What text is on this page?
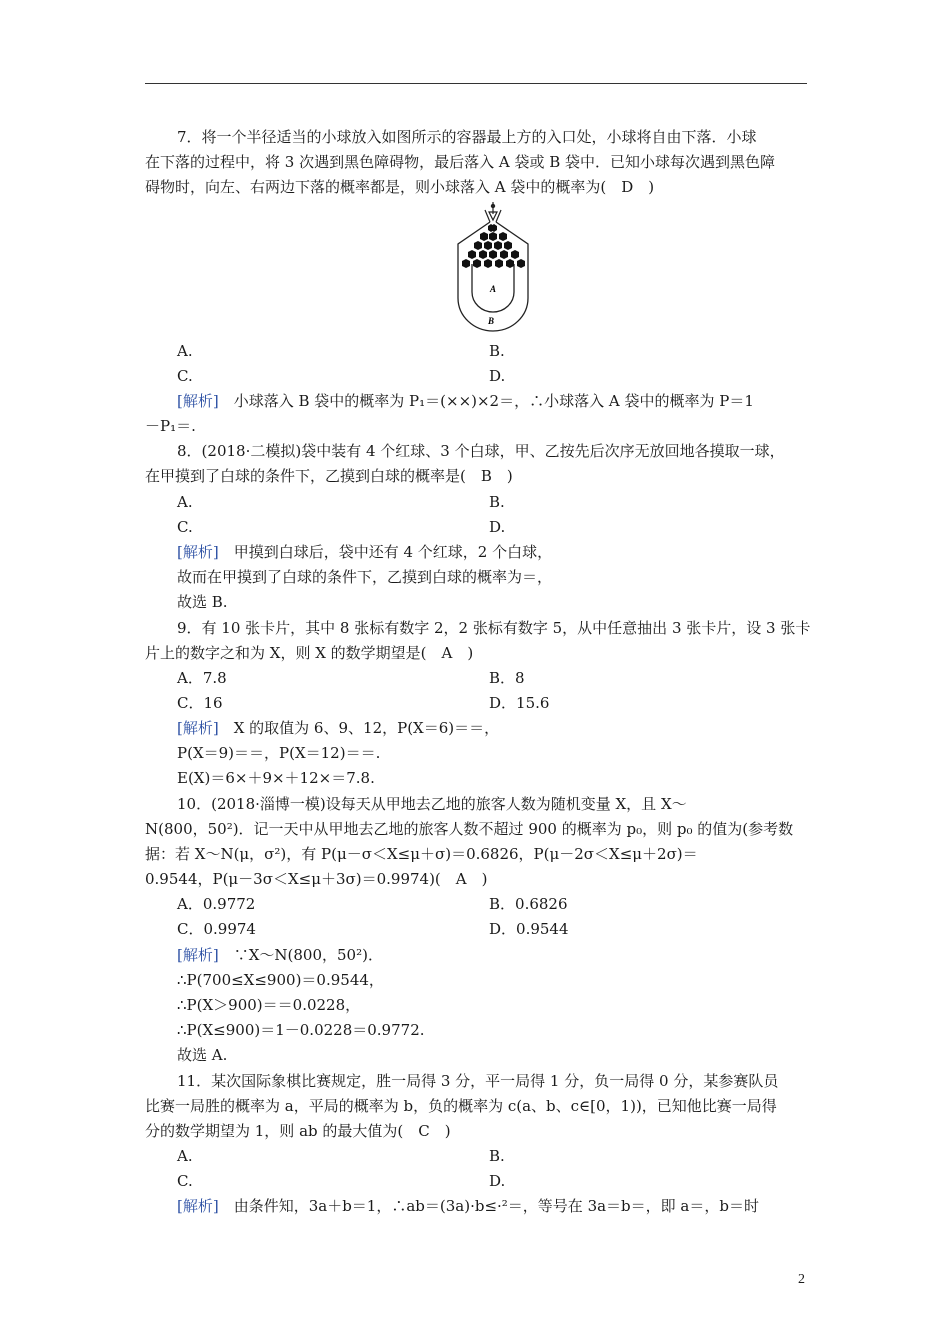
7．将一个半径适当的小球放入如图所示的容器最上方的入口处，小球将自由下落．小球
在下落的过程中，将 3 次遇到黑色障碍物，最后落入 A 袋或 B 袋中．已知小球每次遇到黑色障
碍物时，向左、右两边下落的概率都是，则小球落入 A 袋中的概率为(　D　)
A
B
A.	B.
C.	D.
[解析]　小球落入 B 袋中的概率为 P₁＝(××)×2＝，∴小球落入 A 袋中的概率为 P＝1
－P₁＝.
8．(2018·二模拟)袋中装有 4 个红球、3 个白球，甲、乙按先后次序无放回地各摸取一球，
在甲摸到了白球的条件下，乙摸到白球的概率是(　B　)
A.	B.
C.	D.
[解析]　甲摸到白球后，袋中还有 4 个红球，2 个白球，
故而在甲摸到了白球的条件下，乙摸到白球的概率为＝，
故选 B.
9．有 10 张卡片，其中 8 张标有数字 2，2 张标有数字 5，从中任意抽出 3 张卡片，设 3 张卡
片上的数字之和为 X，则 X 的数学期望是(　A　)
A．7.8	B．8
C．16	D．15.6
[解析]　X 的取值为 6、9、12，P(X＝6)＝＝，
P(X＝9)＝＝，P(X＝12)＝＝.
E(X)＝6×＋9×＋12×＝7.8.
10．(2018·淄博一模)设每天从甲地去乙地的旅客人数为随机变量 X，且 X～
N(800，50²)．记一天中从甲地去乙地的旅客人数不超过 900 的概率为 p₀，则 p₀ 的值为(参考数
据：若 X～N(μ，σ²)，有 P(μ－σ＜X≤μ＋σ)＝0.6826，P(μ－2σ＜X≤μ＋2σ)＝
0.9544，P(μ－3σ＜X≤μ＋3σ)＝0.9974)(　A　)
A．0.9772	B．0.6826
C．0.9974	D．0.9544
[解析]　∵X～N(800，50²)．
∴P(700≤X≤900)＝0.9544，
∴P(X＞900)＝＝0.0228，
∴P(X≤900)＝1－0.0228＝0.9772.
故选 A.
11．某次国际象棋比赛规定，胜一局得 3 分，平一局得 1 分，负一局得 0 分，某参赛队员
比赛一局胜的概率为 a，平局的概率为 b，负的概率为 c(a、b、c∈[0，1))，已知他比赛一局得
分的数学期望为 1，则 ab 的最大值为(　C　)
A.	B.
C.	D.
[解析]　由条件知，3a＋b＝1，∴ab＝(3a)·b≤·²＝，等号在 3a＝b＝，即 a＝，b＝时
2
